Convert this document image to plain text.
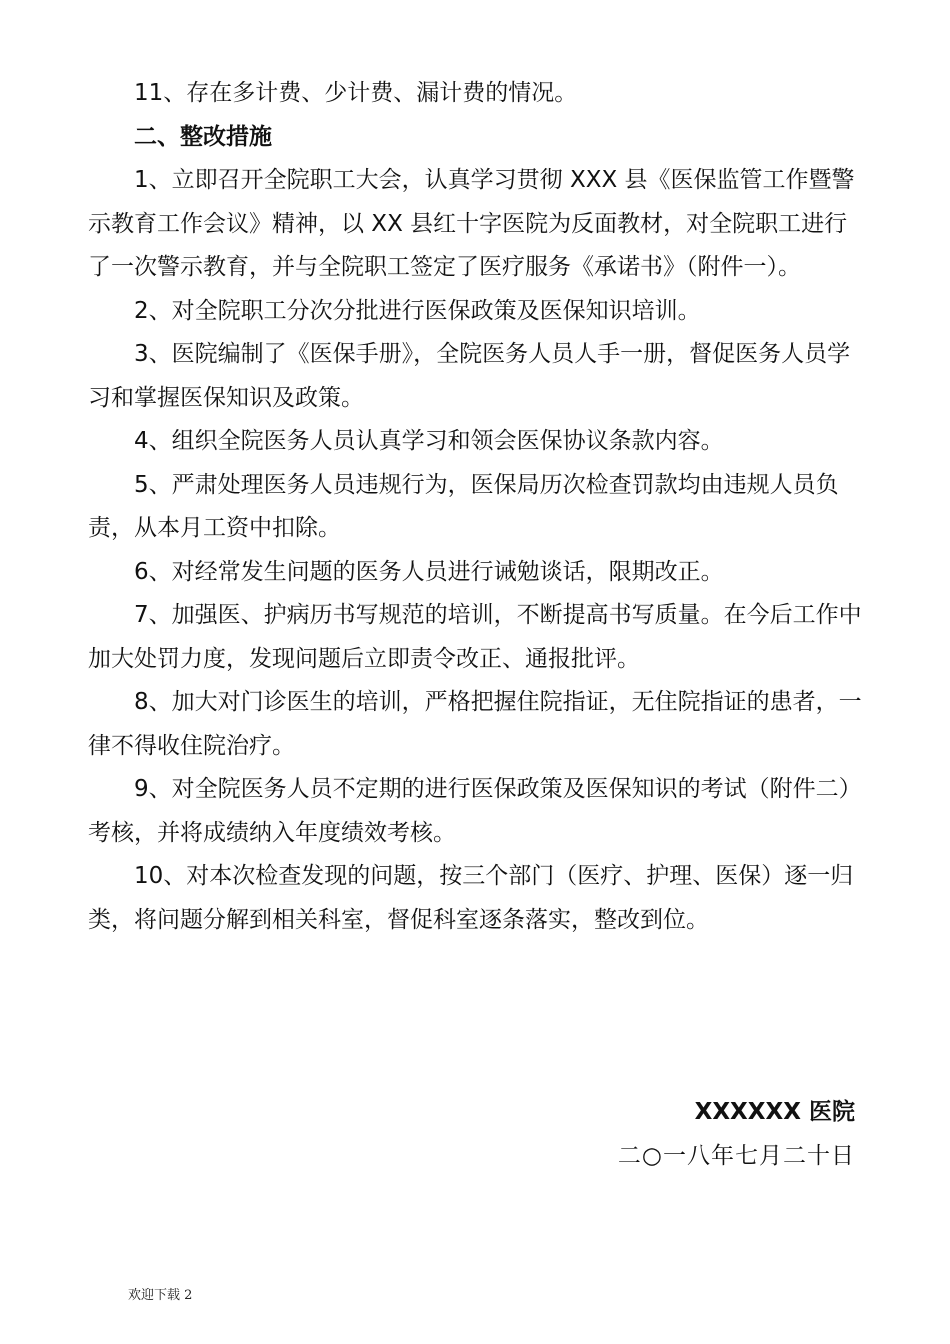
11、存在多计费、少计费、漏计费的情况。

二、整改措施

1、立即召开全院职工大会，认真学习贯彻 XXX 县《医保监管工作暨警示教育工作会议》精神，以 XX 县红十字医院为反面教材，对全院职工进行了一次警示教育，并与全院职工签定了医疗服务《承诺书》（附件一）。

2、对全院职工分次分批进行医保政策及医保知识培训。

3、医院编制了《医保手册》，全院医务人员人手一册，督促医务人员学习和掌握医保知识及政策。

4、组织全院医务人员认真学习和领会医保协议条款内容。

5、严肃处理医务人员违规行为，医保局历次检查罚款均由违规人员负责，从本月工资中扣除。

6、对经常发生问题的医务人员进行诫勉谈话，限期改正。

7、加强医、护病历书写规范的培训，不断提高书写质量。在今后工作中加大处罚力度，发现问题后立即责令改正、通报批评。

8、加大对门诊医生的培训，严格把握住院指证，无住院指证的患者，一律不得收住院治疗。

9、对全院医务人员不定期的进行医保政策及医保知识的考试（附件二）考核，并将成绩纳入年度绩效考核。

10、对本次检查发现的问题，按三个部门（医疗、护理、医保）逐一归类，将问题分解到相关科室，督促科室逐条落实，整改到位。

XXXXXX 医院
二○一八年七月二十日
欢迎下载 2
